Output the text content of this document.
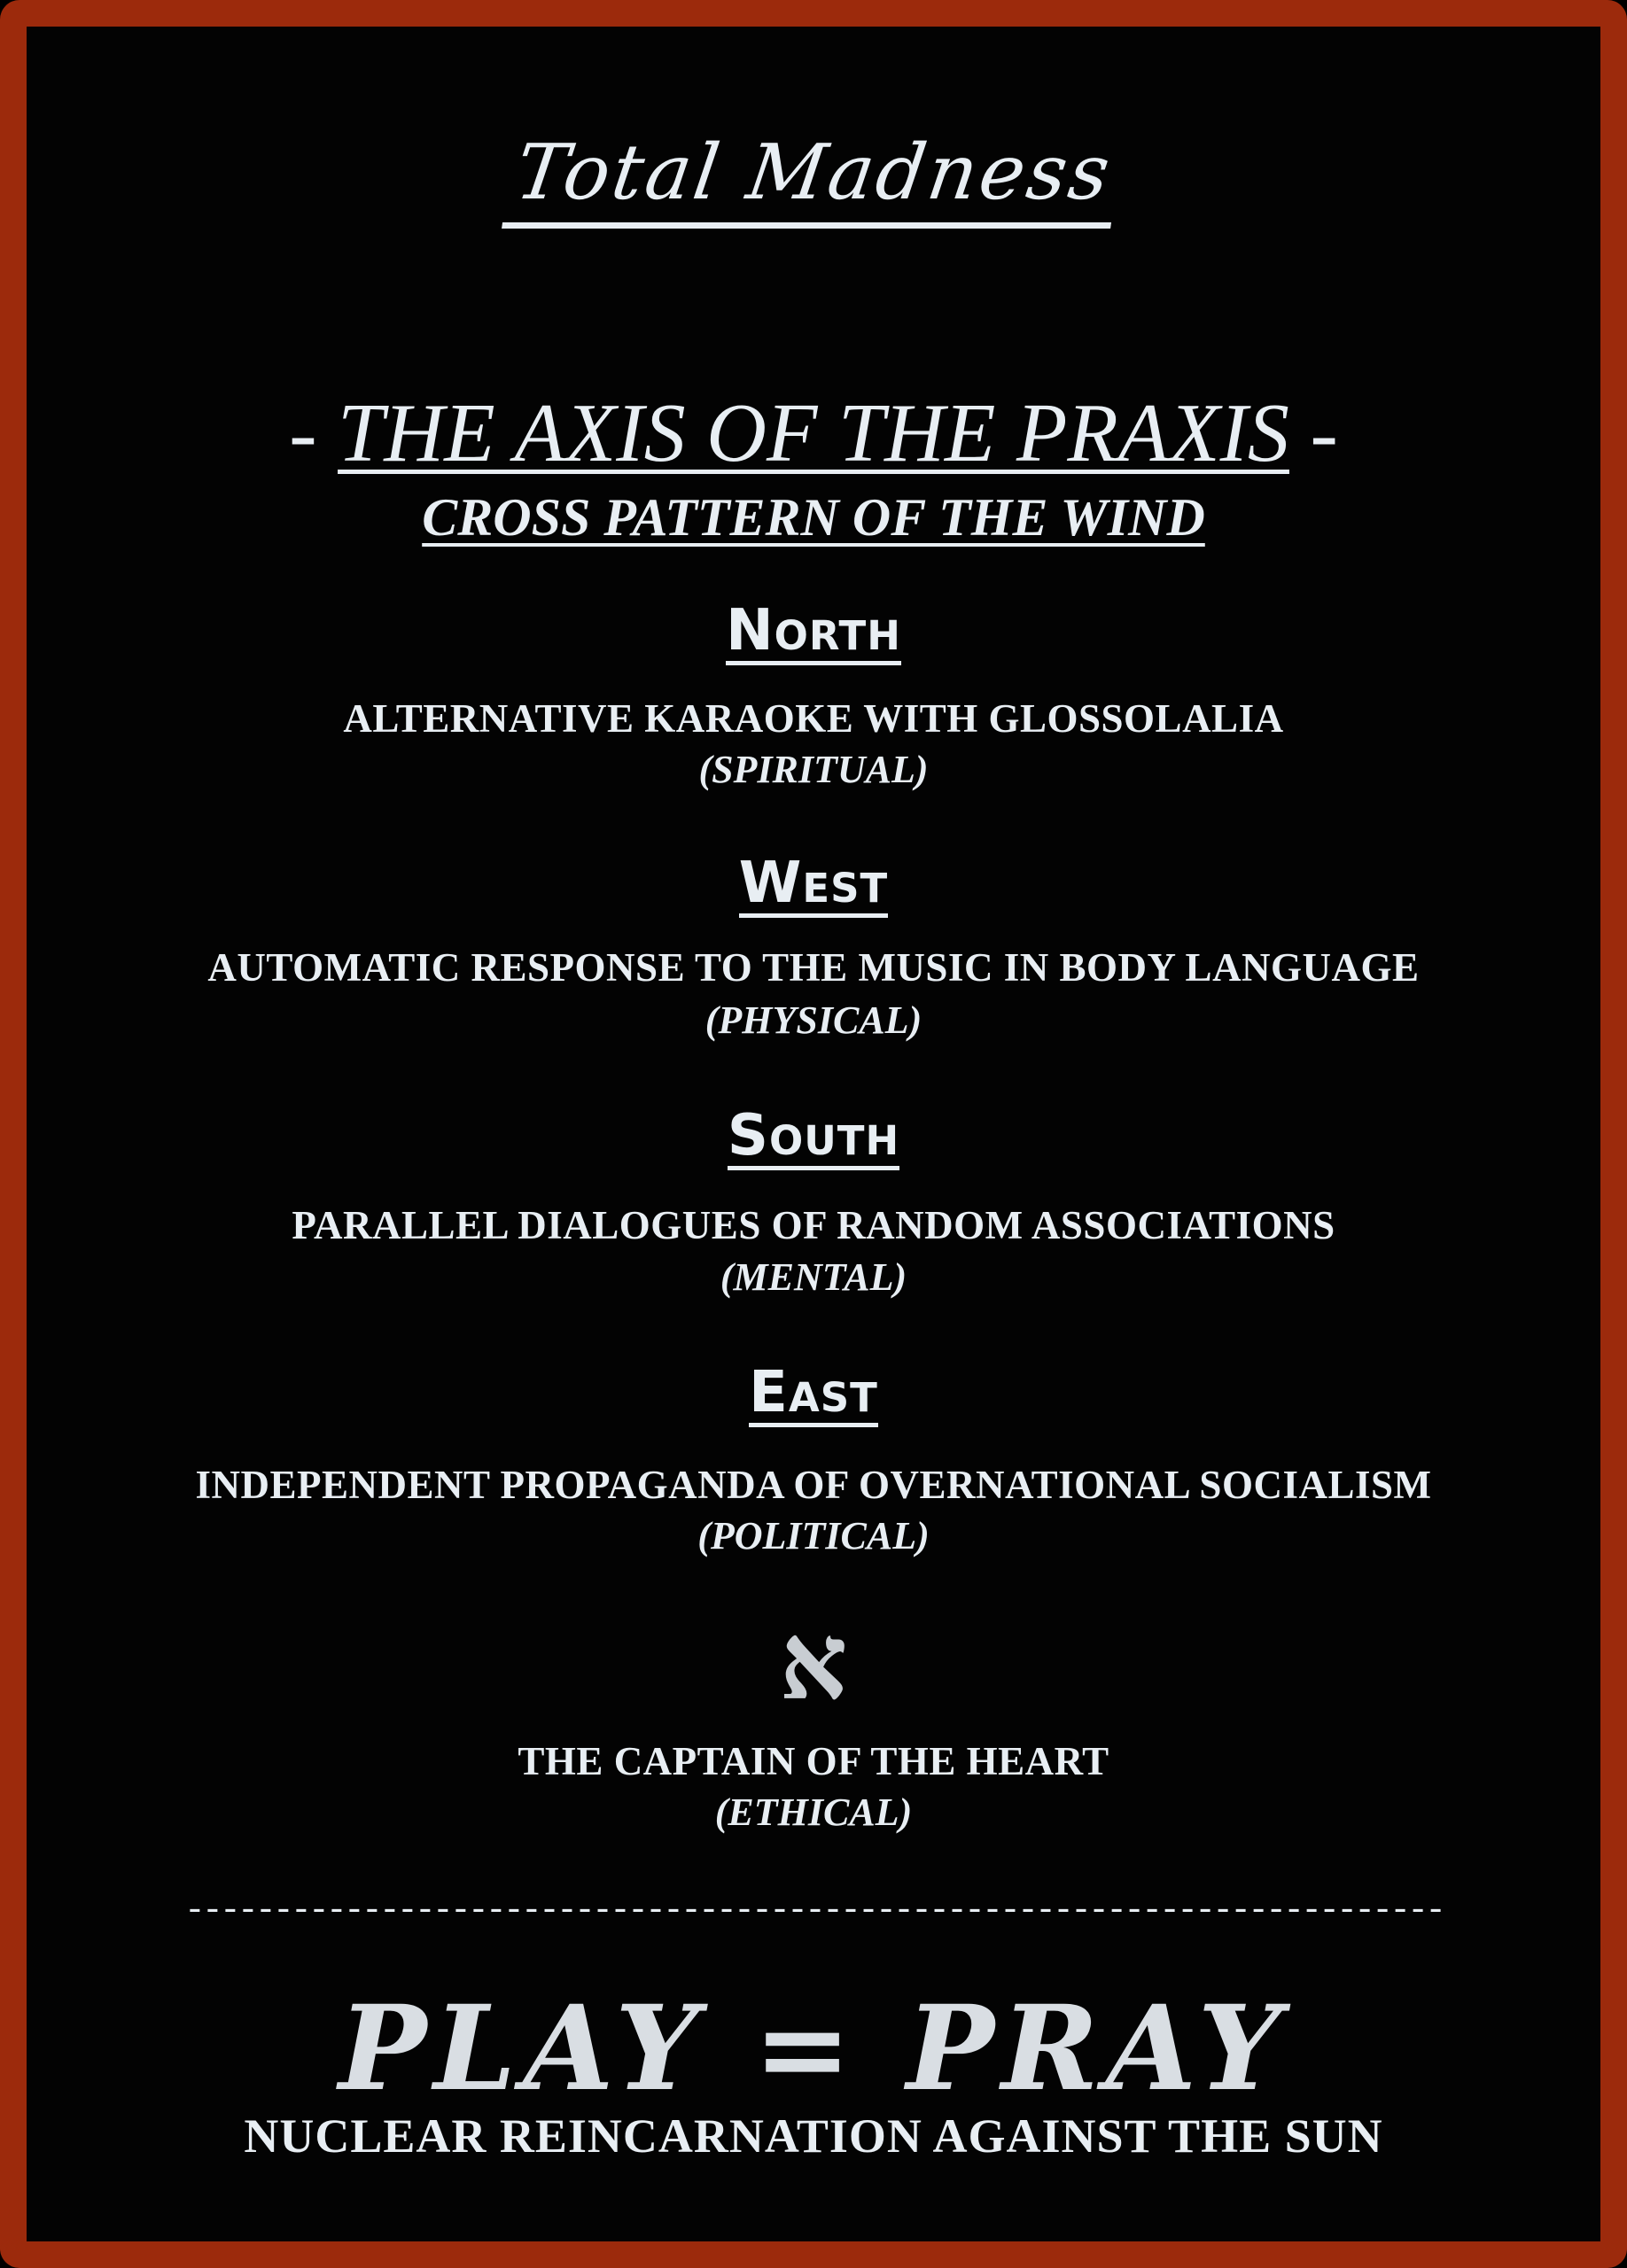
Total Madness
- THE AXIS OF THE PRAXIS -
CROSS PATTERN OF THE WIND
North
ALTERNATIVE KARAOKE WITH GLOSSOLALIA
(SPIRITUAL)
West
AUTOMATIC RESPONSE TO THE MUSIC IN BODY LANGUAGE
(PHYSICAL)
South
PARALLEL DIALOGUES OF RANDOM ASSOCIATIONS
(MENTAL)
East
INDEPENDENT PROPAGANDA OF OVERNATIONAL SOCIALISM
(POLITICAL)
א
THE CAPTAIN OF THE HEART
(ETHICAL)
-----------------------------------------------------------------------
PLAY = PRAY
NUCLEAR REINCARNATION AGAINST THE SUN
